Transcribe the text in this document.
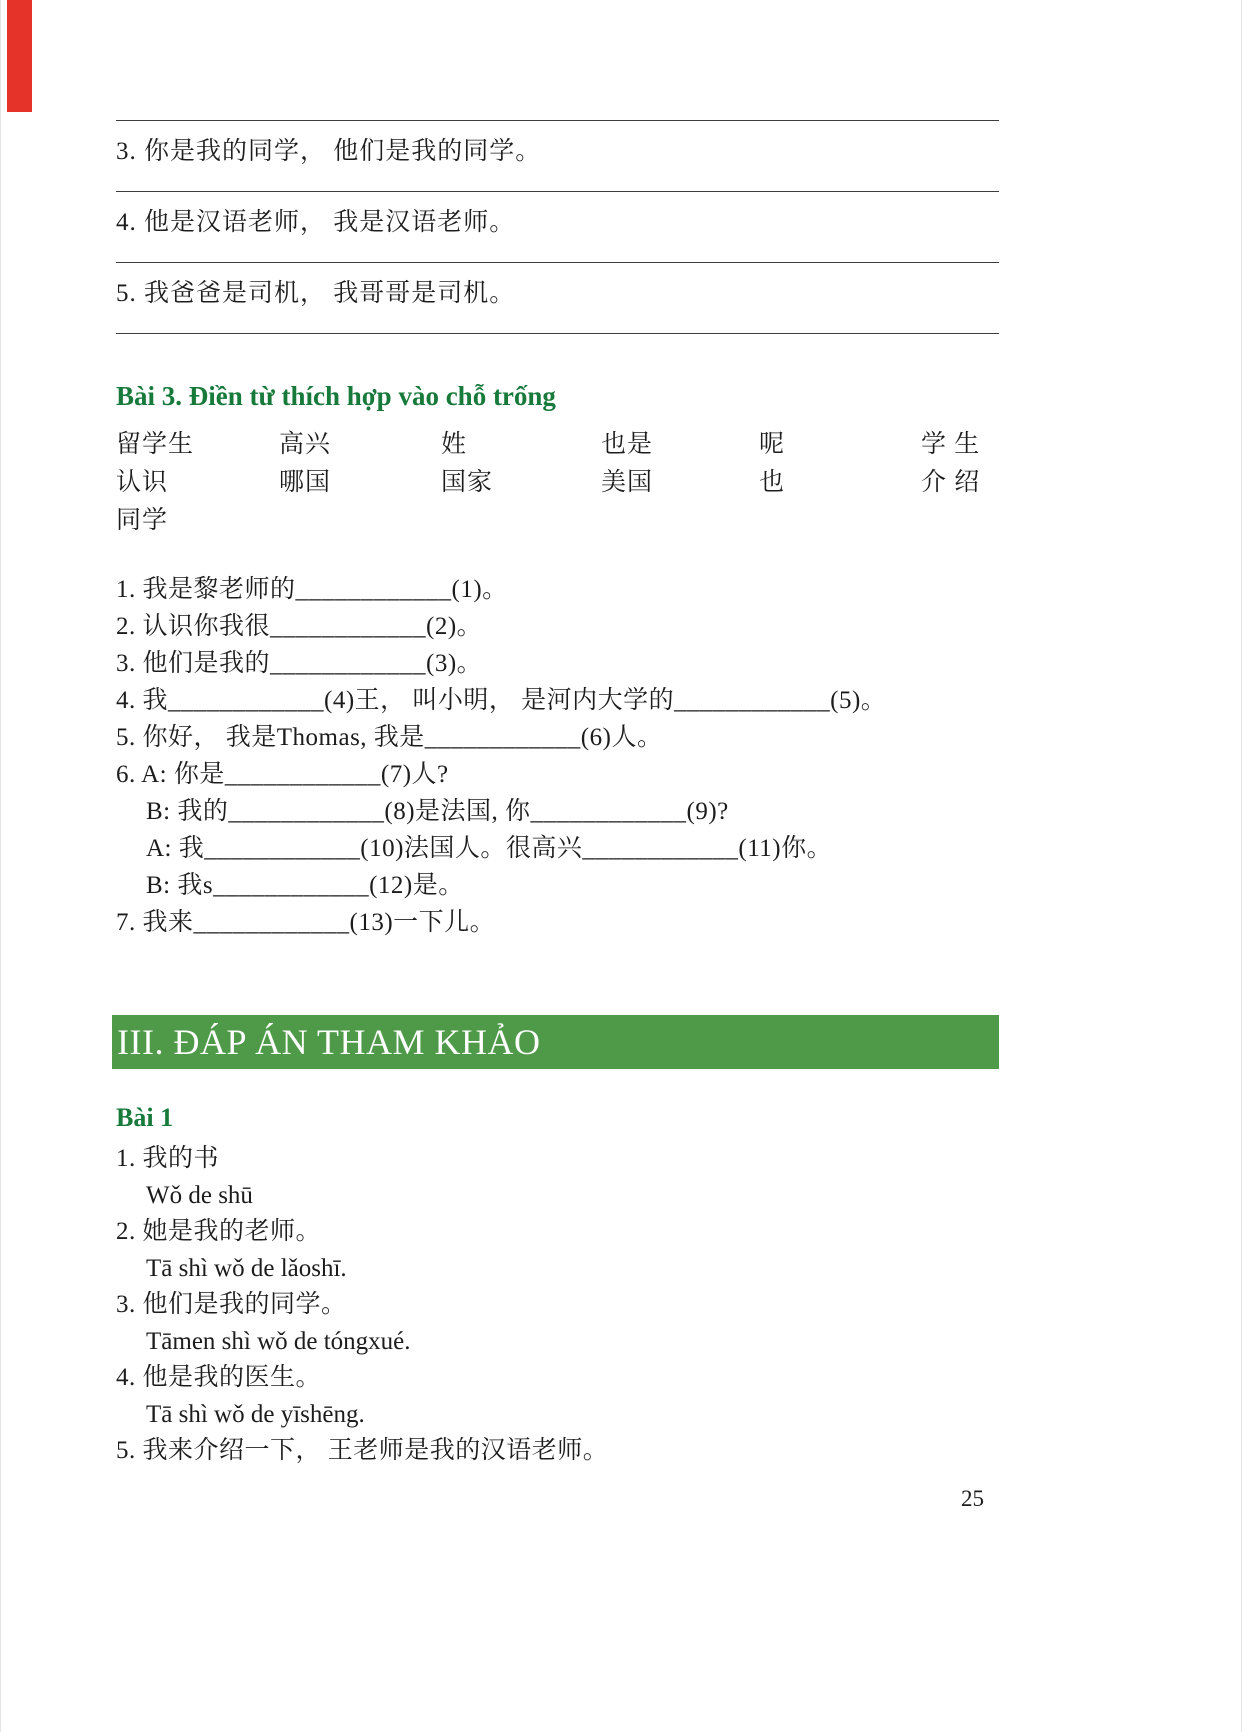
3. 你是我的同学， 他们是我的同学。

4. 他是汉语老师， 我是汉语老师。

5. 我爸爸是司机， 我哥哥是司机。

Bài 3. Điền từ thích hợp vào chỗ trống
留学生	高兴	姓	也是	呢	学 生
认识	哪国	国家	美国	也	介 绍
同学
1. 我是黎老师的____________(1)。
2. 认识你我很____________(2)。
3. 他们是我的____________(3)。
4. 我____________(4)王， 叫小明， 是河内大学的____________(5)。
5. 你好， 我是Thomas, 我是____________(6)人。
6. A: 你是____________(7)人?
B: 我的____________(8)是法国, 你____________(9)?
A: 我____________(10)法国人。很高兴____________(11)你。
B: 我s____________(12)是。
7. 我来____________(13)一下儿。
III. ĐÁP ÁN THAM KHẢO
Bài 1
1. 我的书
Wǒ de shū
2. 她是我的老师。
Tā shì wǒ de lǎoshī.
3. 他们是我的同学。
Tāmen shì wǒ de tóngxué.
4. 他是我的医生。
Tā shì wǒ de yīshēng.
5. 我来介绍一下， 王老师是我的汉语老师。
25
